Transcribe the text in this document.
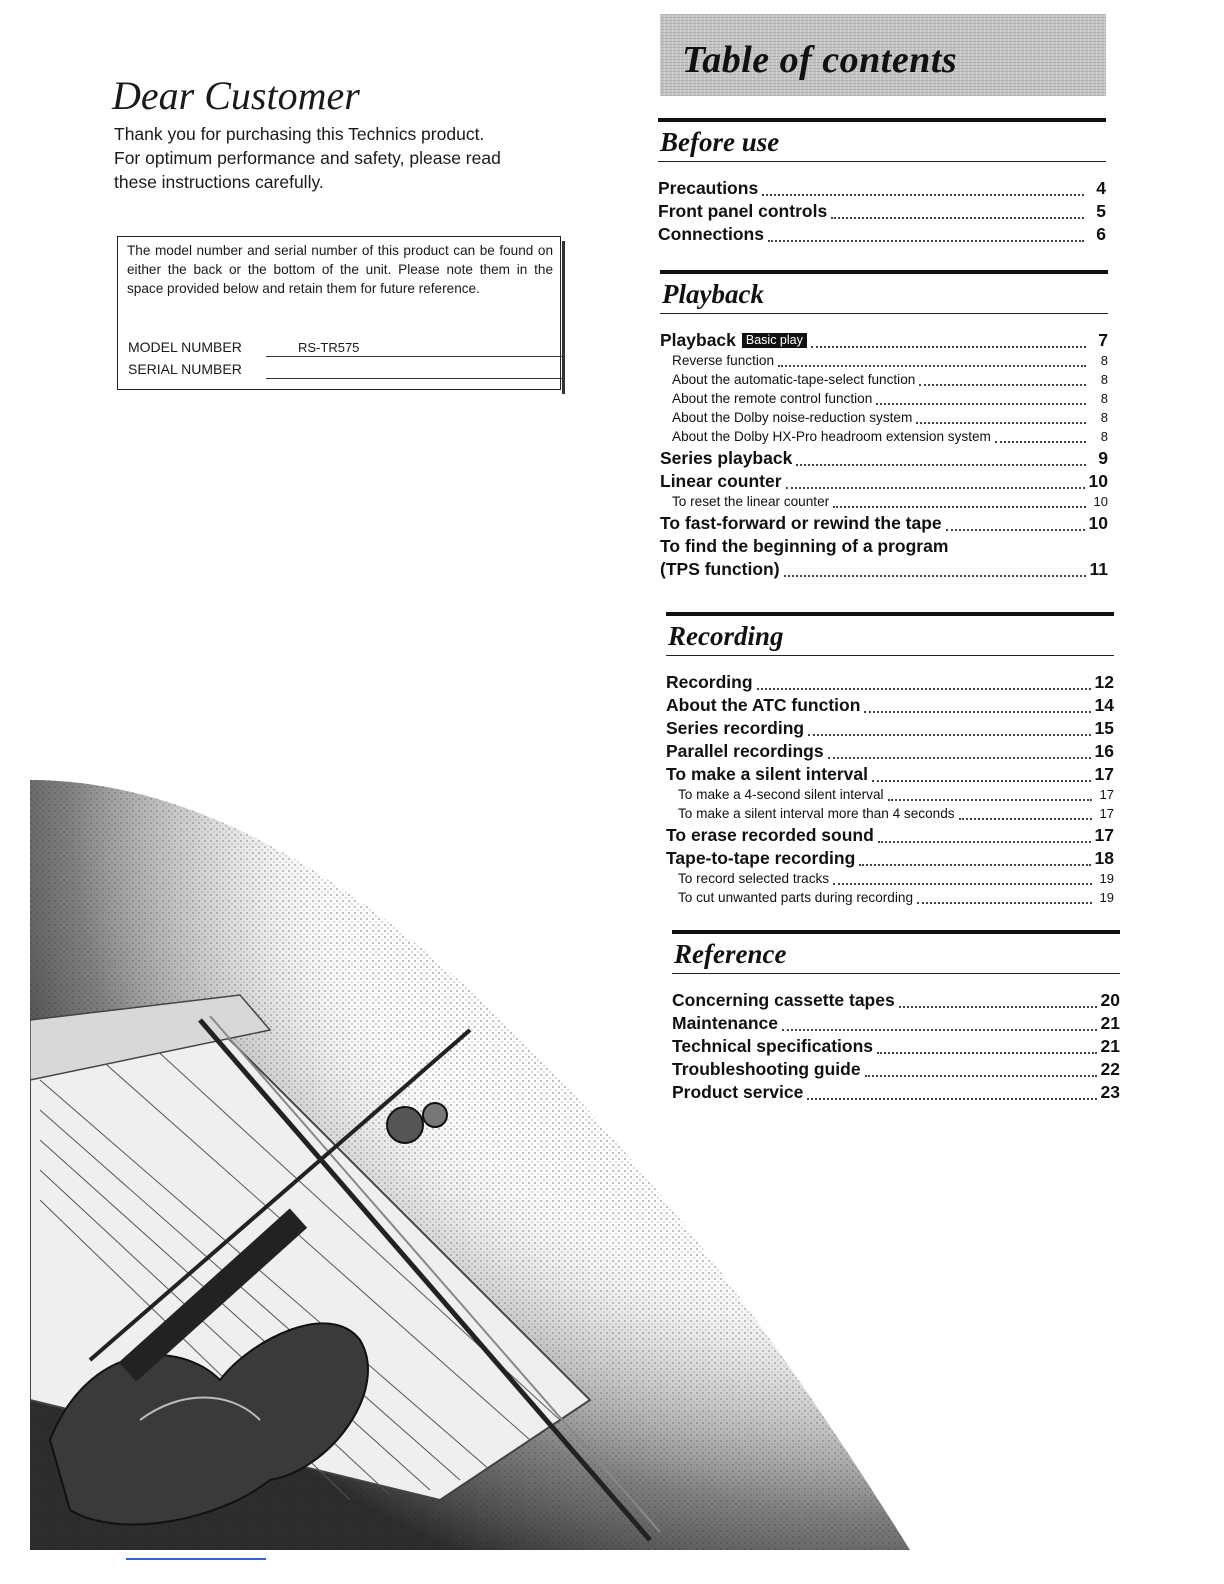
Dear Customer
Thank you for purchasing this Technics product.
For optimum performance and safety, please read
these instructions carefully.
The model number and serial number of this product can be found on either the back or the bottom of the unit. Please note them in the space provided below and retain them for future reference.
MODEL NUMBER	RS-TR575
SERIAL NUMBER
Table of contents
Before use
Precautions	4
Front panel controls	5
Connections	6
Playback
Playback Basic play	7
Reverse function	8
About the automatic-tape-select function	8
About the remote control function	8
About the Dolby noise-reduction system	8
About the Dolby HX-Pro headroom extension system	8
Series playback	9
Linear counter	10
To reset the linear counter	10
To fast-forward or rewind the tape	10
To find the beginning of a program
(TPS function)	11
Recording
Recording	12
About the ATC function	14
Series recording	15
Parallel recordings	16
To make a silent interval	17
To make a 4-second silent interval	17
To make a silent interval more than 4 seconds	17
To erase recorded sound	17
Tape-to-tape recording	18
To record selected tracks	19
To cut unwanted parts during recording	19
Reference
Concerning cassette tapes	20
Maintenance	21
Technical specifications	21
Troubleshooting guide	22
Product service	23
